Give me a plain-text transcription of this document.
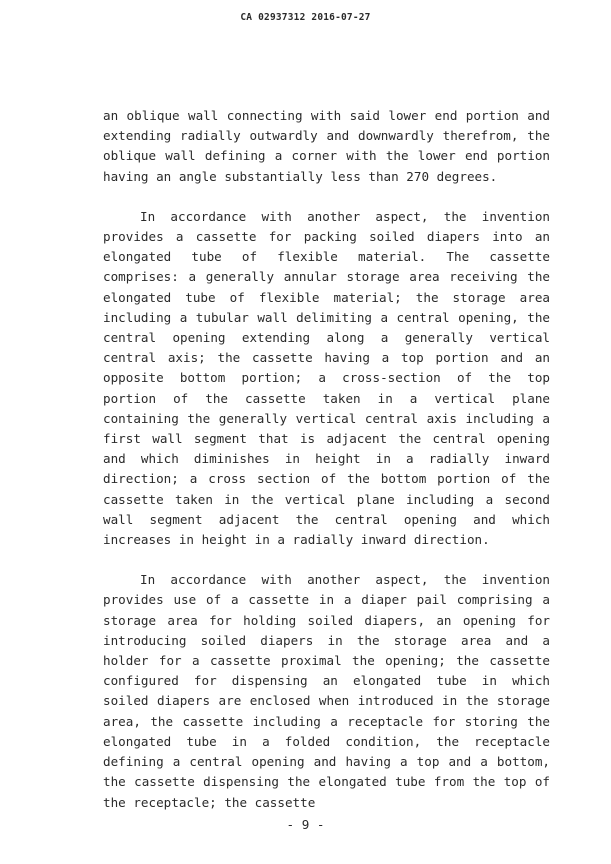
CA 02937312 2016-07-27

an oblique wall connecting with said lower end portion and extending radially outwardly and downwardly therefrom, the oblique wall defining a corner with the lower end portion having an angle substantially less than 270 degrees.

In accordance with another aspect, the invention provides a cassette for packing soiled diapers into an elongated tube of flexible material. The cassette comprises: a generally annular storage area receiving the elongated tube of flexible material; the storage area including a tubular wall delimiting a central opening, the central opening extending along a generally vertical central axis; the cassette having a top portion and an opposite bottom portion; a cross-section of the top portion of the cassette taken in a vertical plane containing the generally vertical central axis including a first wall segment that is adjacent the central opening and which diminishes in height in a radially inward direction; a cross section of the bottom portion of the cassette taken in the vertical plane including a second wall segment adjacent the central opening and which increases in height in a radially inward direction.

In accordance with another aspect, the invention provides use of a cassette in a diaper pail comprising a storage area for holding soiled diapers, an opening for introducing soiled diapers in the storage area and a holder for a cassette proximal the opening; the cassette configured for dispensing an elongated tube in which soiled diapers are enclosed when introduced in the storage area, the cassette including a receptacle for storing the elongated tube in a folded condition, the receptacle defining a central opening and having a top and a bottom, the cassette dispensing the elongated tube from the top of the receptacle; the cassette

- 9 -
